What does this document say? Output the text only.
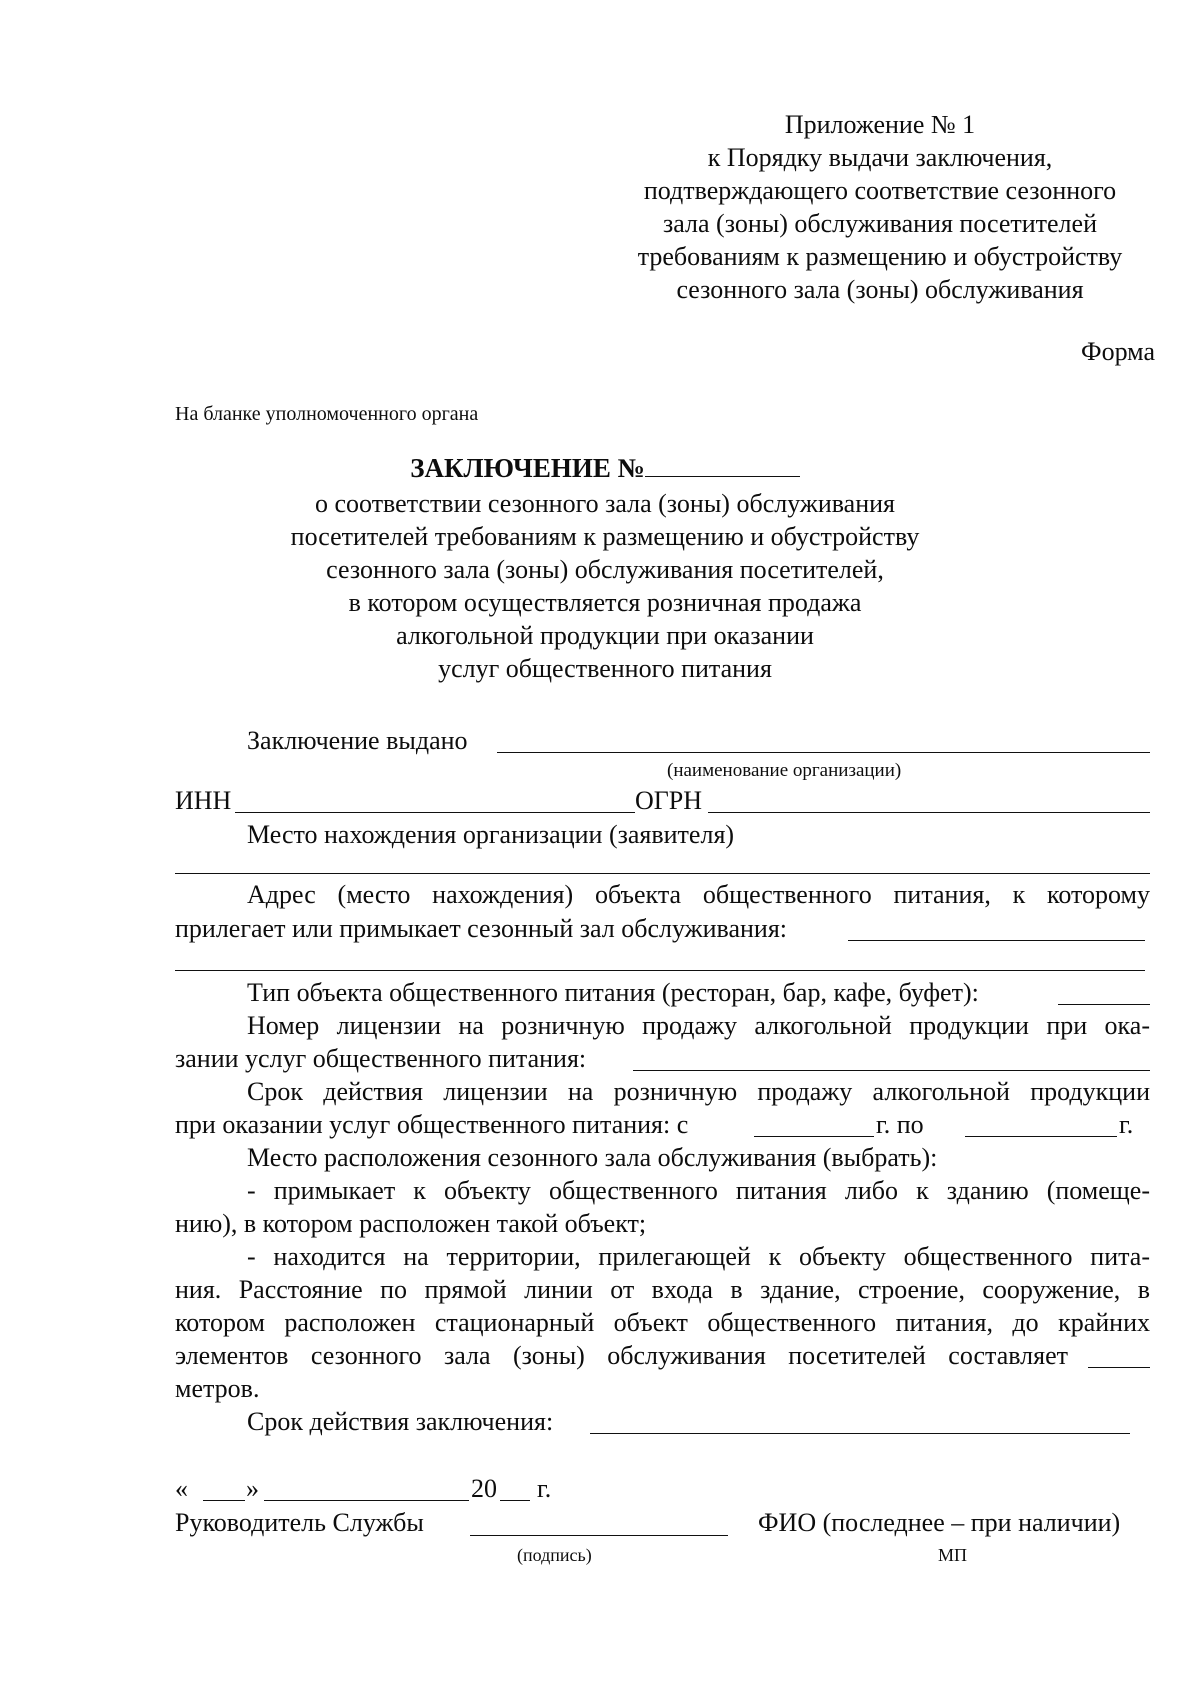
Приложение № 1
к Порядку выдачи заключения,
подтверждающего соответствие сезонного
зала (зоны) обслуживания посетителей
требованиям к размещению и обустройству
сезонного зала (зоны) обслуживания
Форма
На бланке уполномоченного органа
ЗАКЛЮЧЕНИЕ №
о соответствии сезонного зала (зоны) обслуживания
посетителей требованиям к размещению и обустройству
сезонного зала (зоны) обслуживания посетителей,
в котором осуществляется розничная продажа
алкогольной продукции при оказании
услуг общественного питания
Заключение выдано
(наименование организации)
ИНН	ОГРН
Место нахождения организации (заявителя)
Адрес (место нахождения) объекта общественного питания, к которому
прилегает или примыкает сезонный зал обслуживания:
Тип объекта общественного питания (ресторан, бар, кафе, буфет):
Номер лицензии на розничную продажу алкогольной продукции при ока-
зании услуг общественного питания:
Срок действия лицензии на розничную продажу алкогольной продукции
при оказании услуг общественного питания: с	г. по	г.
Место расположения сезонного зала обслуживания (выбрать):
- примыкает к объекту общественного питания либо к зданию (помеще-
нию), в котором расположен такой объект;
- находится на территории, прилегающей к объекту общественного пита-
ния. Расстояние по прямой линии от входа в здание, строение, сооружение, в
котором расположен стационарный объект общественного питания, до крайних
элементов сезонного зала (зоны) обслуживания посетителей составляет
метров.
Срок действия заключения:
« »	20 г.
Руководитель Службы	ФИО (последнее – при наличии)
(подпись)	МП
